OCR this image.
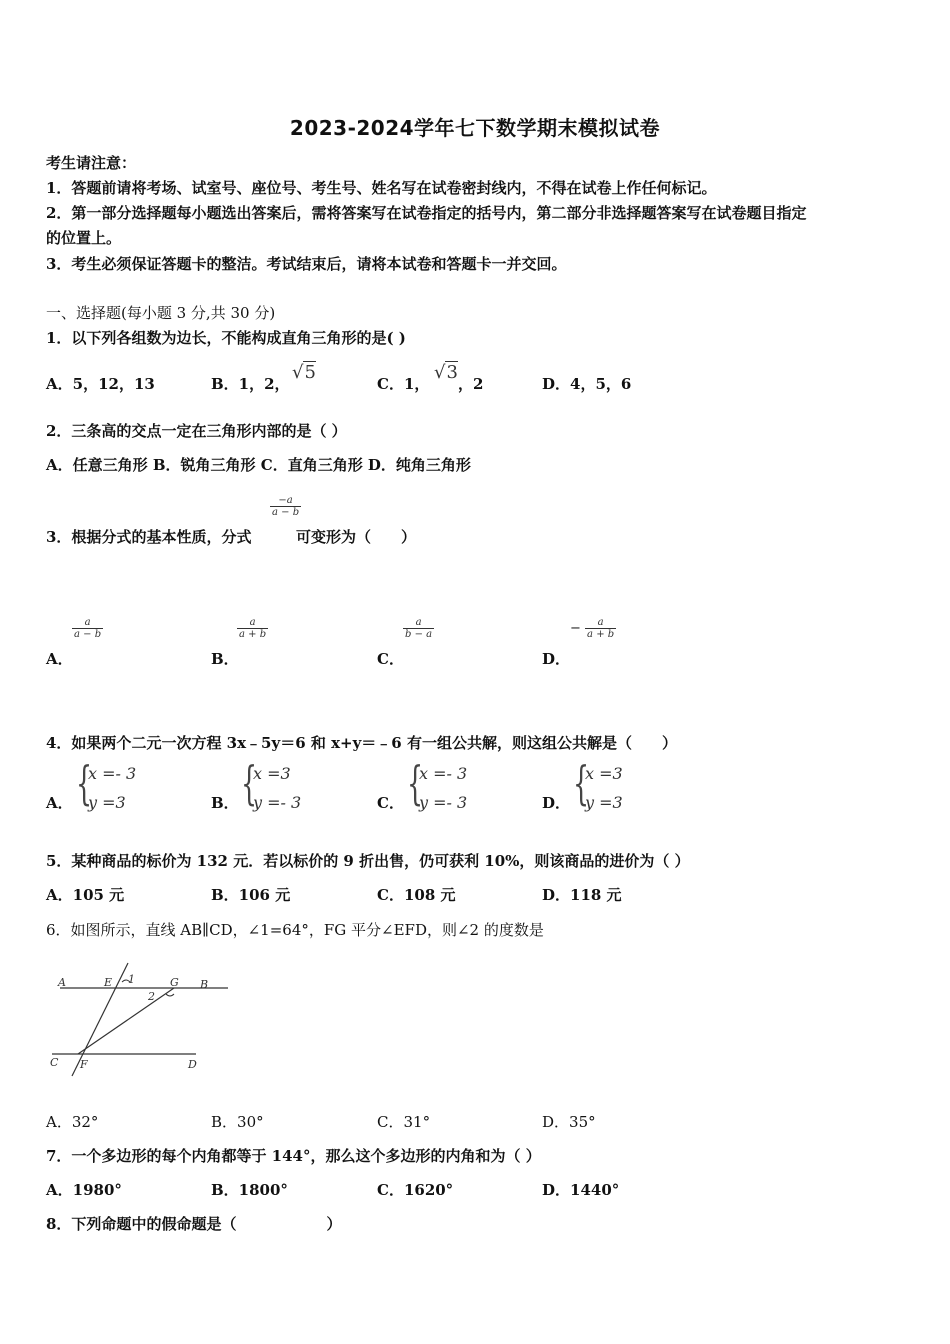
2023-2024学年七下数学期末模拟试卷
考生请注意：
1．答题前请将考场、试室号、座位号、考生号、姓名写在试卷密封线内，不得在试卷上作任何标记。
2．第一部分选择题每小题选出答案后，需将答案写在试卷指定的括号内，第二部分非选择题答案写在试卷题目指定
的位置上。
3．考生必须保证答题卡的整洁。考试结束后，请将本试卷和答题卡一并交回。
一、选择题(每小题 3 分,共 30 分)
1．以下列各组数为边长，不能构成直角三角形的是( )
A．5，12，13	B．1，2，
√5
C．1，
√3
，2	D．4，5，6
2．三条高的交点一定在三角形内部的是（ ）
A．任意三角形 B．锐角三角形 C．直角三角形 D．纯角三角形
3．根据分式的基本性质，分式
$\frac{-a}{a - b}$
可变形为（　　）
A．
$\frac{a}{a - b}$
B．
$\frac{a}{a + b}$
C．
$\frac{a}{b - a}$
D．
− $\frac{a}{a + b}$
4．如果两个二元一次方程 3x﹣5y＝6 和 x+y＝﹣6 有一组公共解，则这组公共解是（　　）
A． {
x =- 3
y =3	B． {
x =3
y =- 3	C． {
x =- 3
y =- 3	D． {
x =3
y =3
5．某种商品的标价为 132 元．若以标价的 9 折出售，仍可获利 10%，则该商品的进价为（ ）
A．105 元	B．106 元	C．108 元	D．118 元
6．如图所示，直线 AB∥CD，∠1=64°，FG 平分∠EFD，则∠2 的度数是
A	E 1	G B
2
C F	D
A．32°	B．30°	C．31°	D．35°
7．一个多边形的每个内角都等于 144°，那么这个多边形的内角和为（ ）
A．1980°	B．1800°	C．1620°	D．1440°
8．下列命题中的假命题是（　　　　　　）
